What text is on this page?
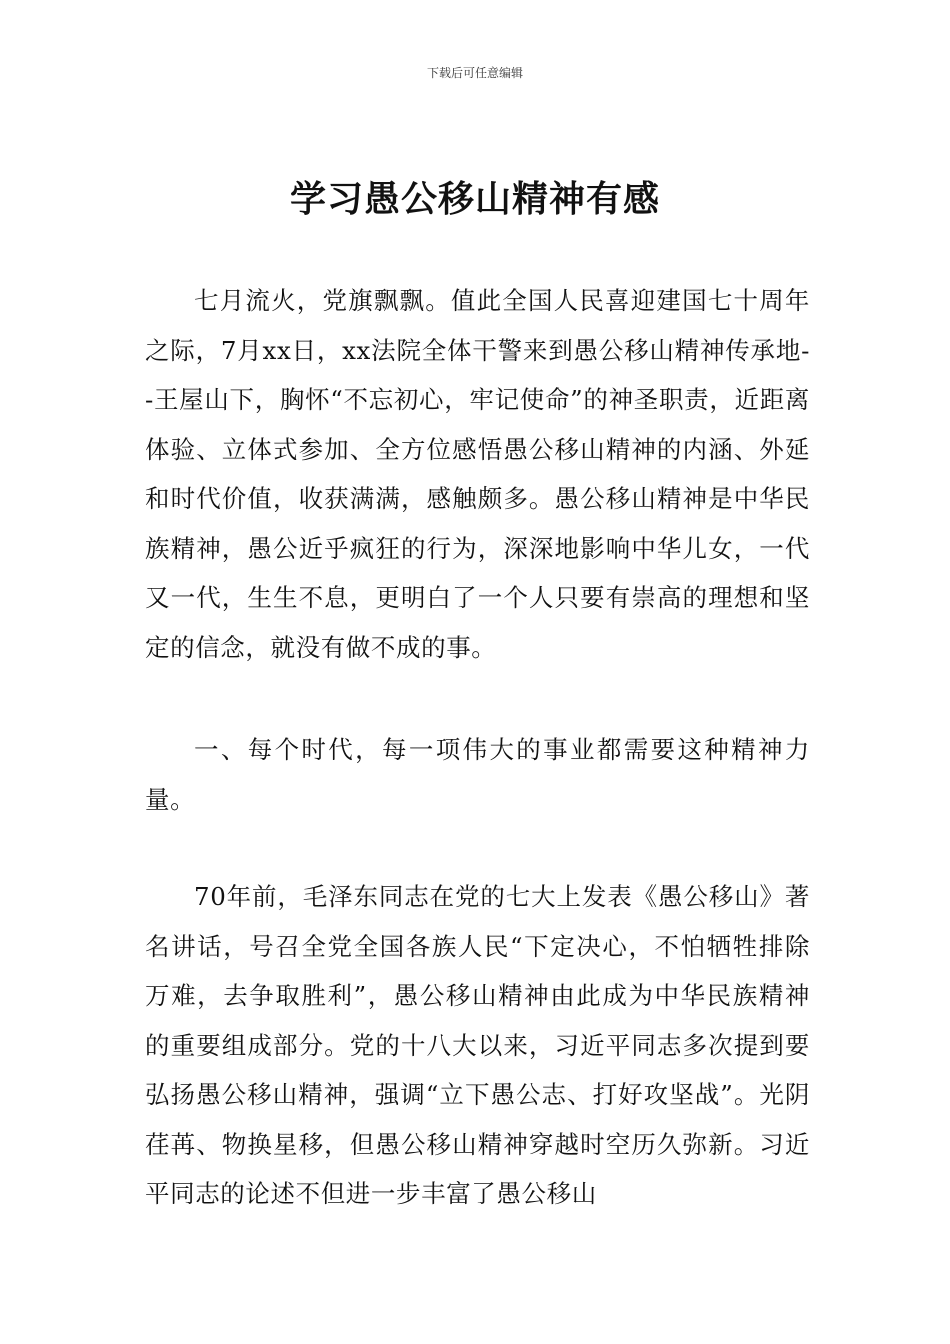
下载后可任意编辑
学习愚公移山精神有感

七月流火，党旗飘飘。值此全国人民喜迎建国七十周年之际，7月xx日，xx法院全体干警来到愚公移山精神传承地--王屋山下，胸怀“不忘初心，牢记使命”的神圣职责，近距离体验、立体式参加、全方位感悟愚公移山精神的内涵、外延和时代价值，收获满满，感触颇多。愚公移山精神是中华民族精神，愚公近乎疯狂的行为，深深地影响中华儿女，一代又一代，生生不息，更明白了一个人只要有崇高的理想和坚定的信念，就没有做不成的事。

一、每个时代，每一项伟大的事业都需要这种精神力量。

70年前，毛泽东同志在党的七大上发表《愚公移山》著名讲话，号召全党全国各族人民“下定决心，不怕牺牲排除万难，去争取胜利”，愚公移山精神由此成为中华民族精神的重要组成部分。党的十八大以来，习近平同志多次提到要弘扬愚公移山精神，强调“立下愚公志、打好攻坚战”。光阴荏苒、物换星移，但愚公移山精神穿越时空历久弥新。习近平同志的论述不但进一步丰富了愚公移山
